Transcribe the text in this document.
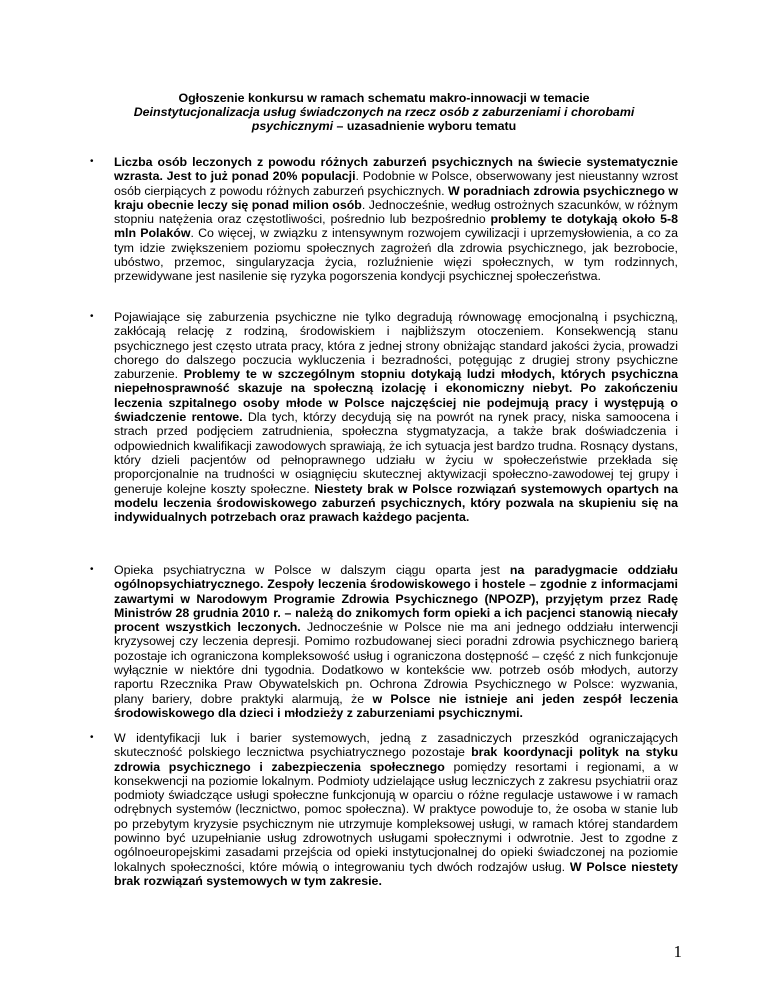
Ogłoszenie konkursu w ramach schematu makro-innowacji w temacie
Deinstytucjonalizacja usług świadczonych na rzecz osób z zaburzeniami i chorobami
psychicznymi – uzasadnienie wyboru tematu
• Liczba osób leczonych z powodu różnych zaburzeń psychicznych na świecie systematycznie wzrasta. Jest to już ponad 20% populacji. Podobnie w Polsce, obserwowany jest nieustanny wzrost osób cierpiących z powodu różnych zaburzeń psychicznych. W poradniach zdrowia psychicznego w kraju obecnie leczy się ponad milion osób. Jednocześnie, według ostrożnych szacunków, w różnym stopniu natężenia oraz częstotliwości, pośrednio lub bezpośrednio problemy te dotykają około 5-8 mln Polaków. Co więcej, w związku z intensywnym rozwojem cywilizacji i uprzemysłowienia, a co za tym idzie zwiększeniem poziomu społecznych zagrożeń dla zdrowia psychicznego, jak bezrobocie, ubóstwo, przemoc, singularyzacja życia, rozluźnienie więzi społecznych, w tym rodzinnych, przewidywane jest nasilenie się ryzyka pogorszenia kondycji psychicznej społeczeństwa.
• Pojawiające się zaburzenia psychiczne nie tylko degradują równowagę emocjonalną i psychiczną, zakłócają relację z rodziną, środowiskiem i najbliższym otoczeniem. Konsekwencją stanu psychicznego jest często utrata pracy, która z jednej strony obniżając standard jakości życia, prowadzi chorego do dalszego poczucia wykluczenia i bezradności, potęgując z drugiej strony psychiczne zaburzenie. Problemy te w szczególnym stopniu dotykają ludzi młodych, których psychiczna niepełnosprawność skazuje na społeczną izolację i ekonomiczny niebyt. Po zakończeniu leczenia szpitalnego osoby młode w Polsce najczęściej nie podejmują pracy i występują o świadczenie rentowe. Dla tych, którzy decydują się na powrót na rynek pracy, niska samoocena i strach przed podjęciem zatrudnienia, społeczna stygmatyzacja, a także brak doświadczenia i odpowiednich kwalifikacji zawodowych sprawiają, że ich sytuacja jest bardzo trudna. Rosnący dystans, który dzieli pacjentów od pełnoprawnego udziału w życiu w społeczeństwie przekłada się proporcjonalnie na trudności w osiągnięciu skutecznej aktywizacji społeczno-zawodowej tej grupy i generuje kolejne koszty społeczne. Niestety brak w Polsce rozwiązań systemowych opartych na modelu leczenia środowiskowego zaburzeń psychicznych, który pozwala na skupieniu się na indywidualnych potrzebach oraz prawach każdego pacjenta.
• Opieka psychiatryczna w Polsce w dalszym ciągu oparta jest na paradygmacie oddziału ogólnopsychiatrycznego. Zespoły leczenia środowiskowego i hostele – zgodnie z informacjami zawartymi w Narodowym Programie Zdrowia Psychicznego (NPOZP), przyjętym przez Radę Ministrów 28 grudnia 2010 r. – należą do znikomych form opieki a ich pacjenci stanowią niecały procent wszystkich leczonych. Jednocześnie w Polsce nie ma ani jednego oddziału interwencji kryzysowej czy leczenia depresji. Pomimo rozbudowanej sieci poradni zdrowia psychicznego barierą pozostaje ich ograniczona kompleksowość usług i ograniczona dostępność – część z nich funkcjonuje wyłącznie w niektóre dni tygodnia. Dodatkowo w kontekście ww. potrzeb osób młodych, autorzy raportu Rzecznika Praw Obywatelskich pn. Ochrona Zdrowia Psychicznego w Polsce: wyzwania, plany bariery, dobre praktyki alarmują, że w Polsce nie istnieje ani jeden zespół leczenia środowiskowego dla dzieci i młodzieży z zaburzeniami psychicznymi.
• W identyfikacji luk i barier systemowych, jedną z zasadniczych przeszkód ograniczających skuteczność polskiego lecznictwa psychiatrycznego pozostaje brak koordynacji polityk na styku zdrowia psychicznego i zabezpieczenia społecznego pomiędzy resortami i regionami, a w konsekwencji na poziomie lokalnym. Podmioty udzielające usług leczniczych z zakresu psychiatrii oraz podmioty świadczące usługi społeczne funkcjonują w oparciu o różne regulacje ustawowe i w ramach odrębnych systemów (lecznictwo, pomoc społeczna). W praktyce powoduje to, że osoba w stanie lub po przebytym kryzysie psychicznym nie utrzymuje kompleksowej usługi, w ramach której standardem powinno być uzupełnianie usług zdrowotnych usługami społecznymi i odwrotnie. Jest to zgodne z ogólnoeuropejskimi zasadami przejścia od opieki instytucjonalnej do opieki świadczonej na poziomie lokalnych społeczności, które mówią o integrowaniu tych dwóch rodzajów usług. W Polsce niestety brak rozwiązań systemowych w tym zakresie.
1
